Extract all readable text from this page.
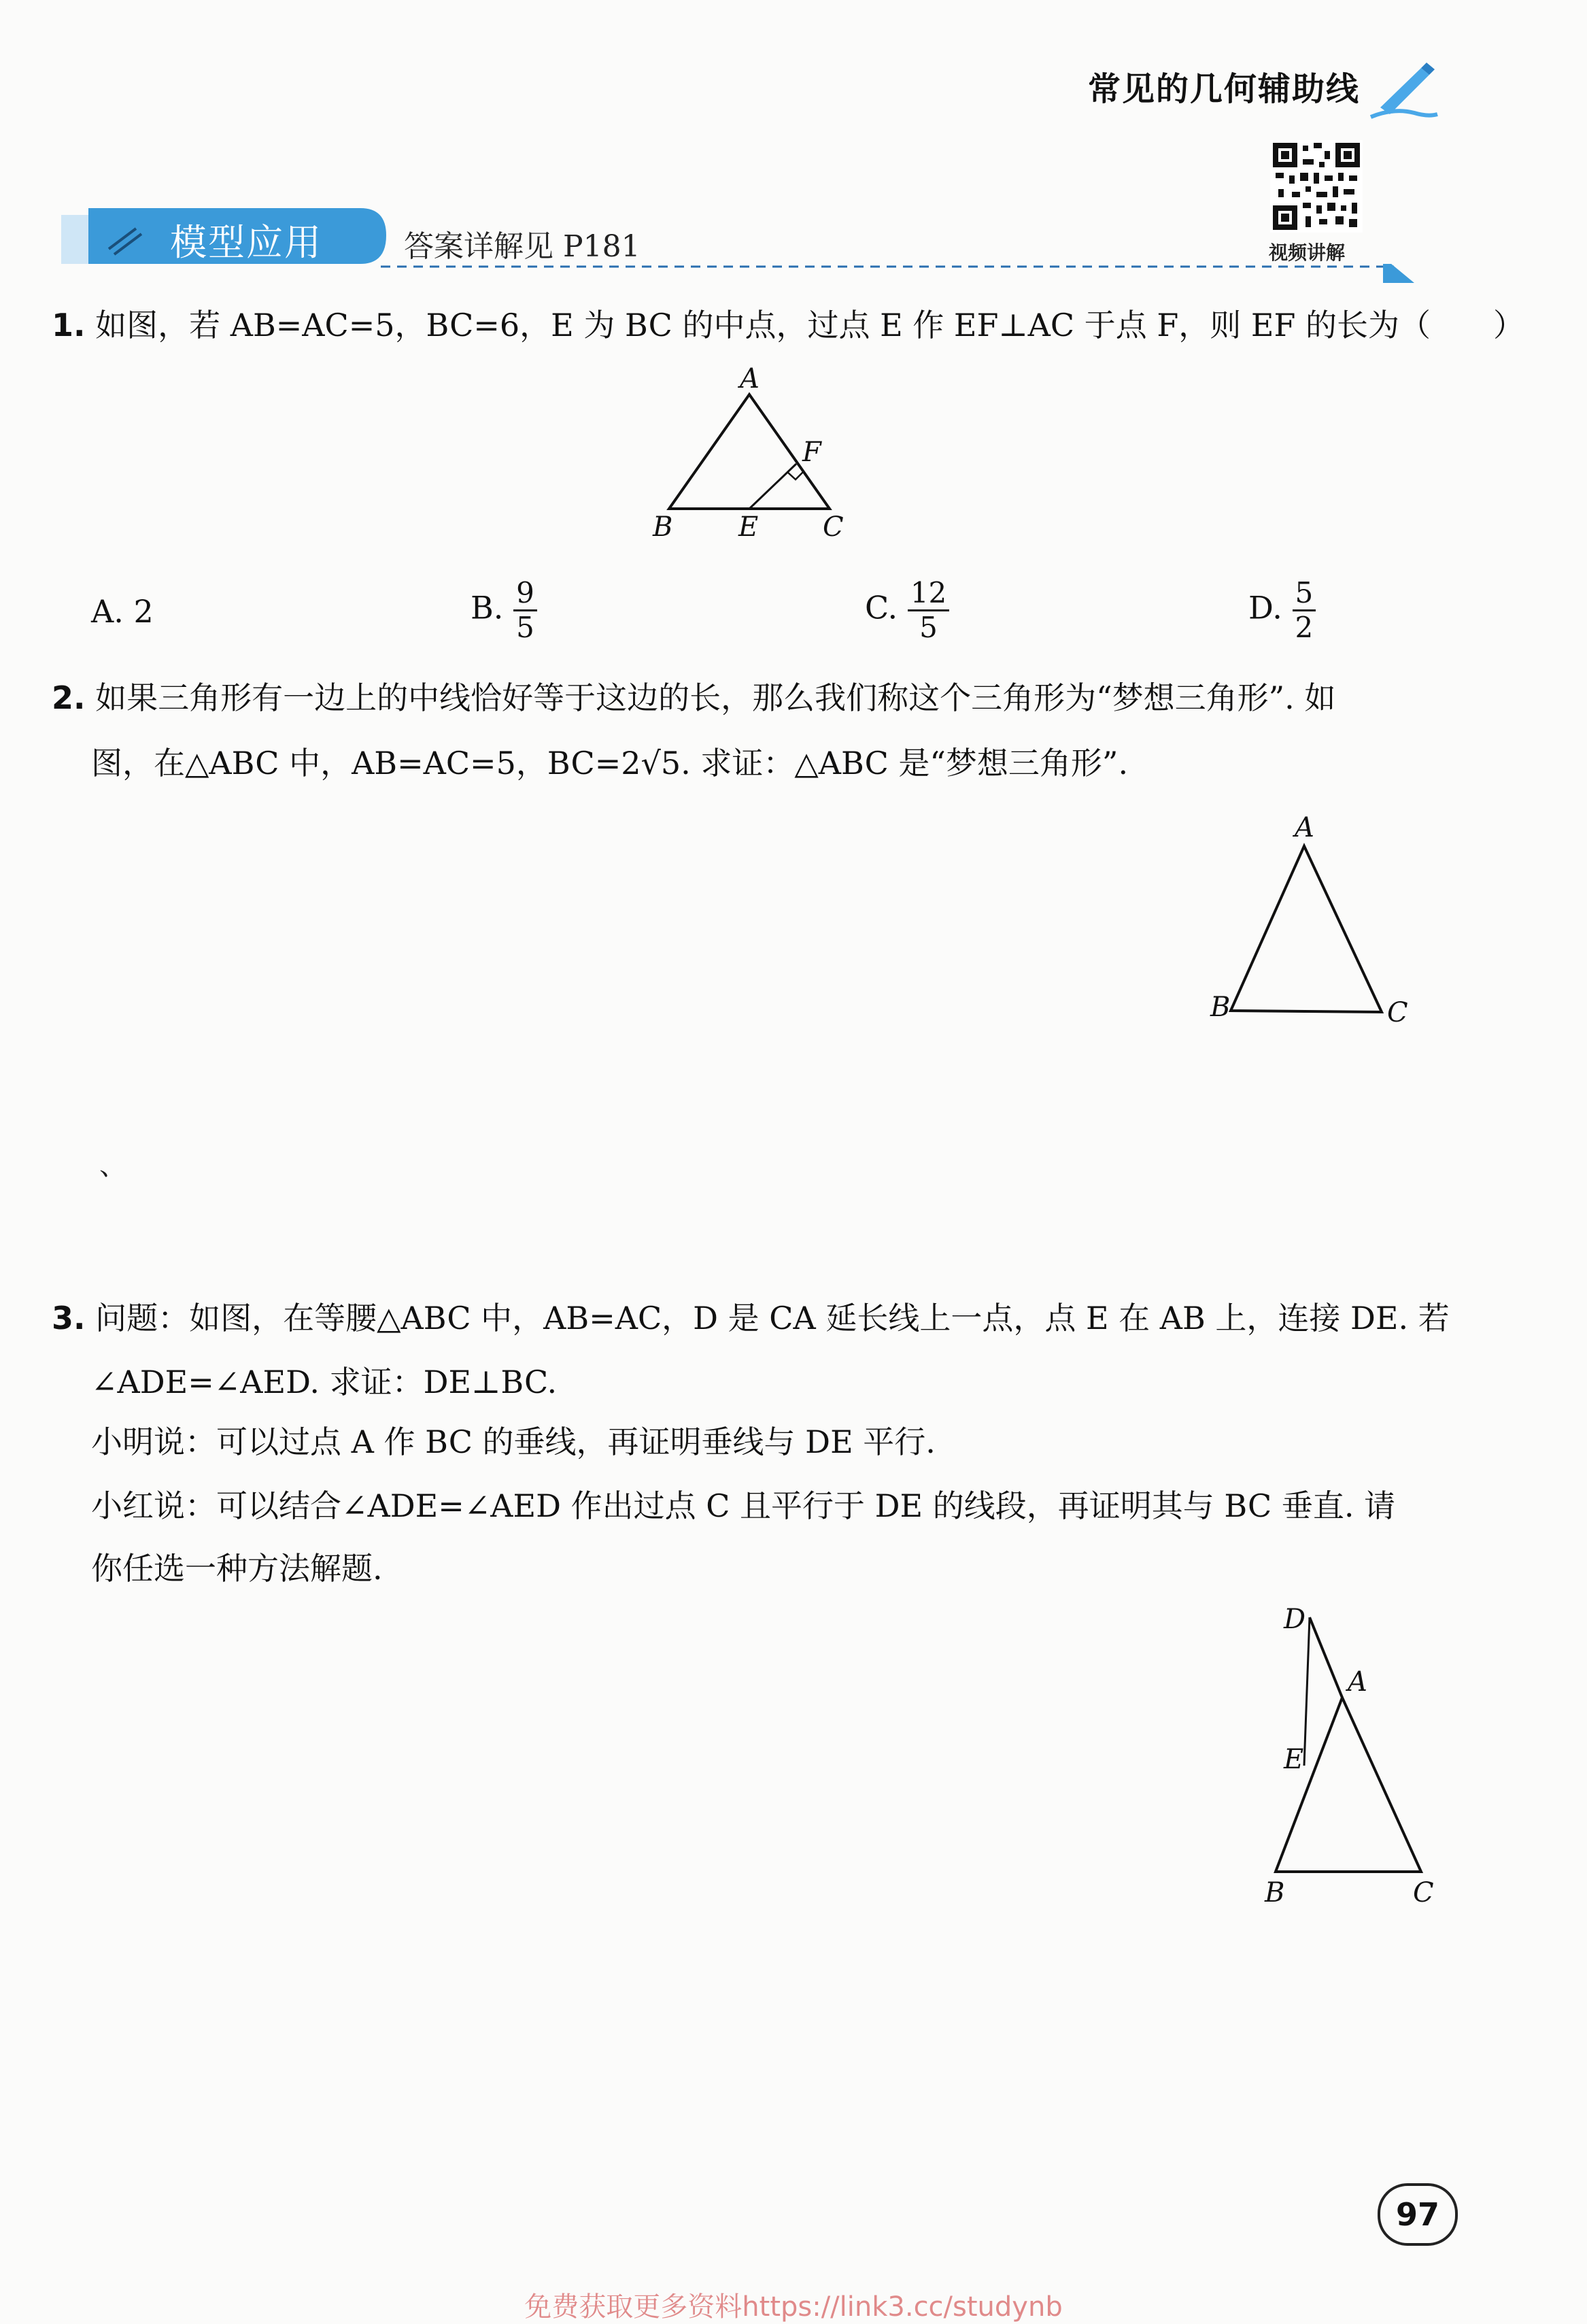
常见的几何辅助线
视频讲解
模型应用	答案详解见 P181
1. 如图，若 AB=AC=5，BC=6，E 为 BC 的中点，过点 E 作 EF⊥AC 于点 F，则 EF 的长为（　　）
A
F
B E C
A. 2	B. $\frac{9}{5}$	C. $\frac{12}{5}$	D. $\frac{5}{2}$
2. 如果三角形有一边上的中线恰好等于这边的长，那么我们称这个三角形为“梦想三角形”. 如
图，在△ABC 中，AB=AC=5，BC=2√5. 求证：△ABC 是“梦想三角形”.
A
B	C
、
3. 问题：如图，在等腰△ABC 中，AB=AC，D 是 CA 延长线上一点，点 E 在 AB 上，连接 DE. 若
∠ADE=∠AED. 求证：DE⊥BC.
小明说：可以过点 A 作 BC 的垂线，再证明垂线与 DE 平行.
小红说：可以结合∠ADE=∠AED 作出过点 C 且平行于 DE 的线段，再证明其与 BC 垂直. 请
你任选一种方法解题.
D
A
E
B	C
97
免费获取更多资料https://link3.cc/studynb
